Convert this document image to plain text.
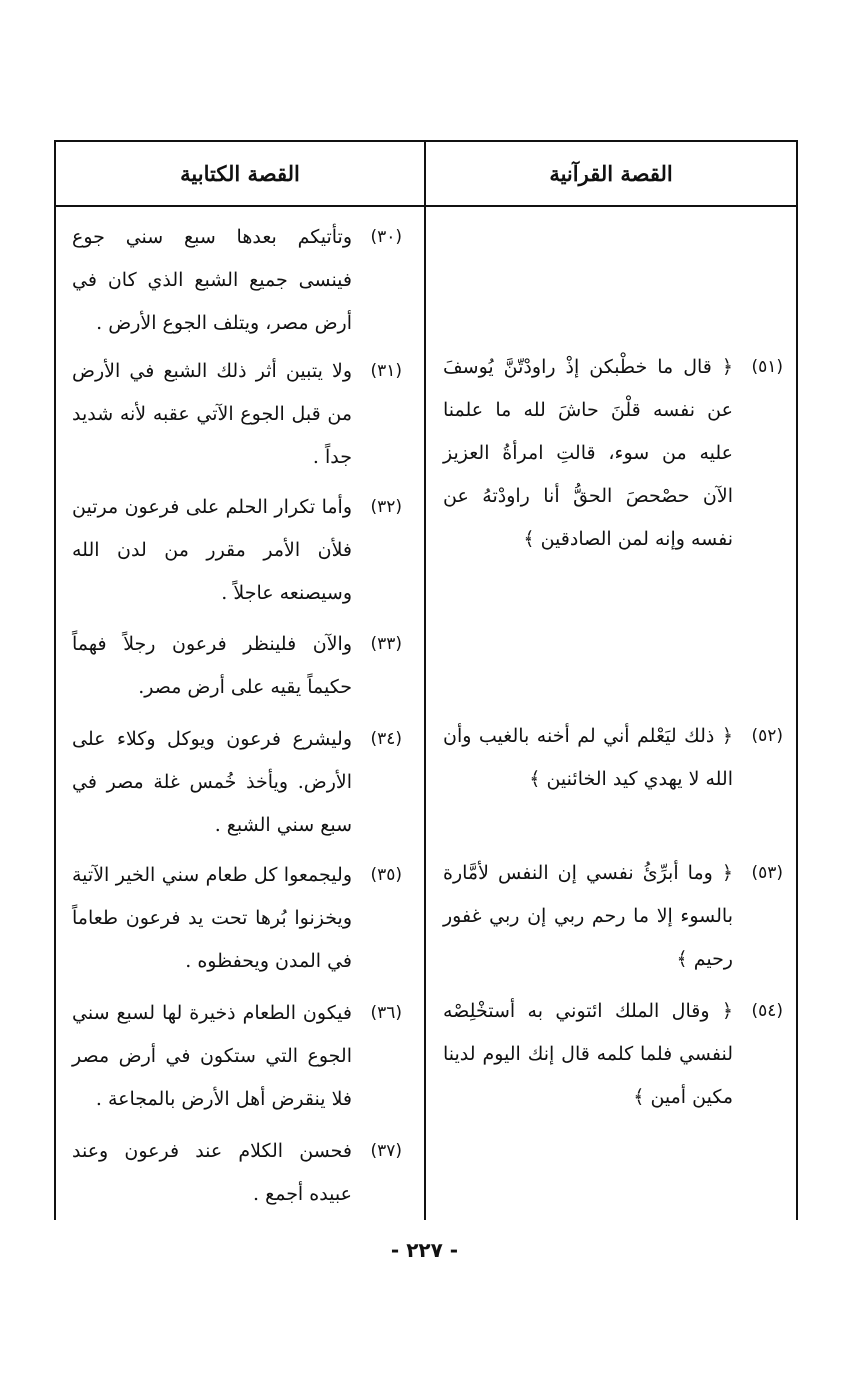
القصة القرآنية
القصة الكتابية
(٣٠)
وتأتيكم بعدها سبع سني جوع فينسى جميع الشبع الذي كان في أرض مصر، ويتلف الجوع الأرض .
(٣١)
ولا يتبين أثر ذلك الشبع في الأرض من قبل الجوع الآتي عقبه لأنه شديد جداً .
(٣٢)
وأما تكرار الحلم على فرعون مرتين فلأن الأمر مقرر من لدن الله وسيصنعه عاجلاً .
(٣٣)
والآن فلينظر فرعون رجلاً فهماً حكيماً يقيه على أرض مصر.
(٣٤)
وليشرع فرعون ويوكل وكلاء على الأرض. ويأخذ خُمس غلة مصر في سبع سني الشبع .
(٣٥)
وليجمعوا كل طعام سني الخير الآتية ويخزنوا بُرها تحت يد فرعون طعاماً في المدن ويحفظوه .
(٣٦)
فيكون الطعام ذخيرة لها لسبع سني الجوع التي ستكون في أرض مصر فلا ينقرض أهل الأرض بالمجاعة .
(٣٧)
فحسن الكلام عند فرعون وعند عبيده أجمع .
(٥١)
﴿ قال ما خطْبكن إذْ راودْتّنَّ يُوسفَ عن نفسه قلْنَ حاشَ لله ما علمنا عليه من سوء، قالتِ امرأةُ العزيز الآن حصْحصَ الحقُّ أنا راودْتهُ عن نفسه وإنه لمن الصادقين ﴾
(٥٢)
﴿ ذلك ليَعْلم أني لم أخنه بالغيب وأن الله لا يهدي كيد الخائنين ﴾
(٥٣)
﴿ وما أبرِّئُ نفسي إن النفس لأمَّارة بالسوء إلا ما رحم ربي إن ربي غفور رحيم ﴾
(٥٤)
﴿ وقال الملك ائتوني به أستخْلِصْه لنفسي فلما كلمه قال إنك اليوم لدينا مكين أمين ﴾
- ٢٢٧ -
